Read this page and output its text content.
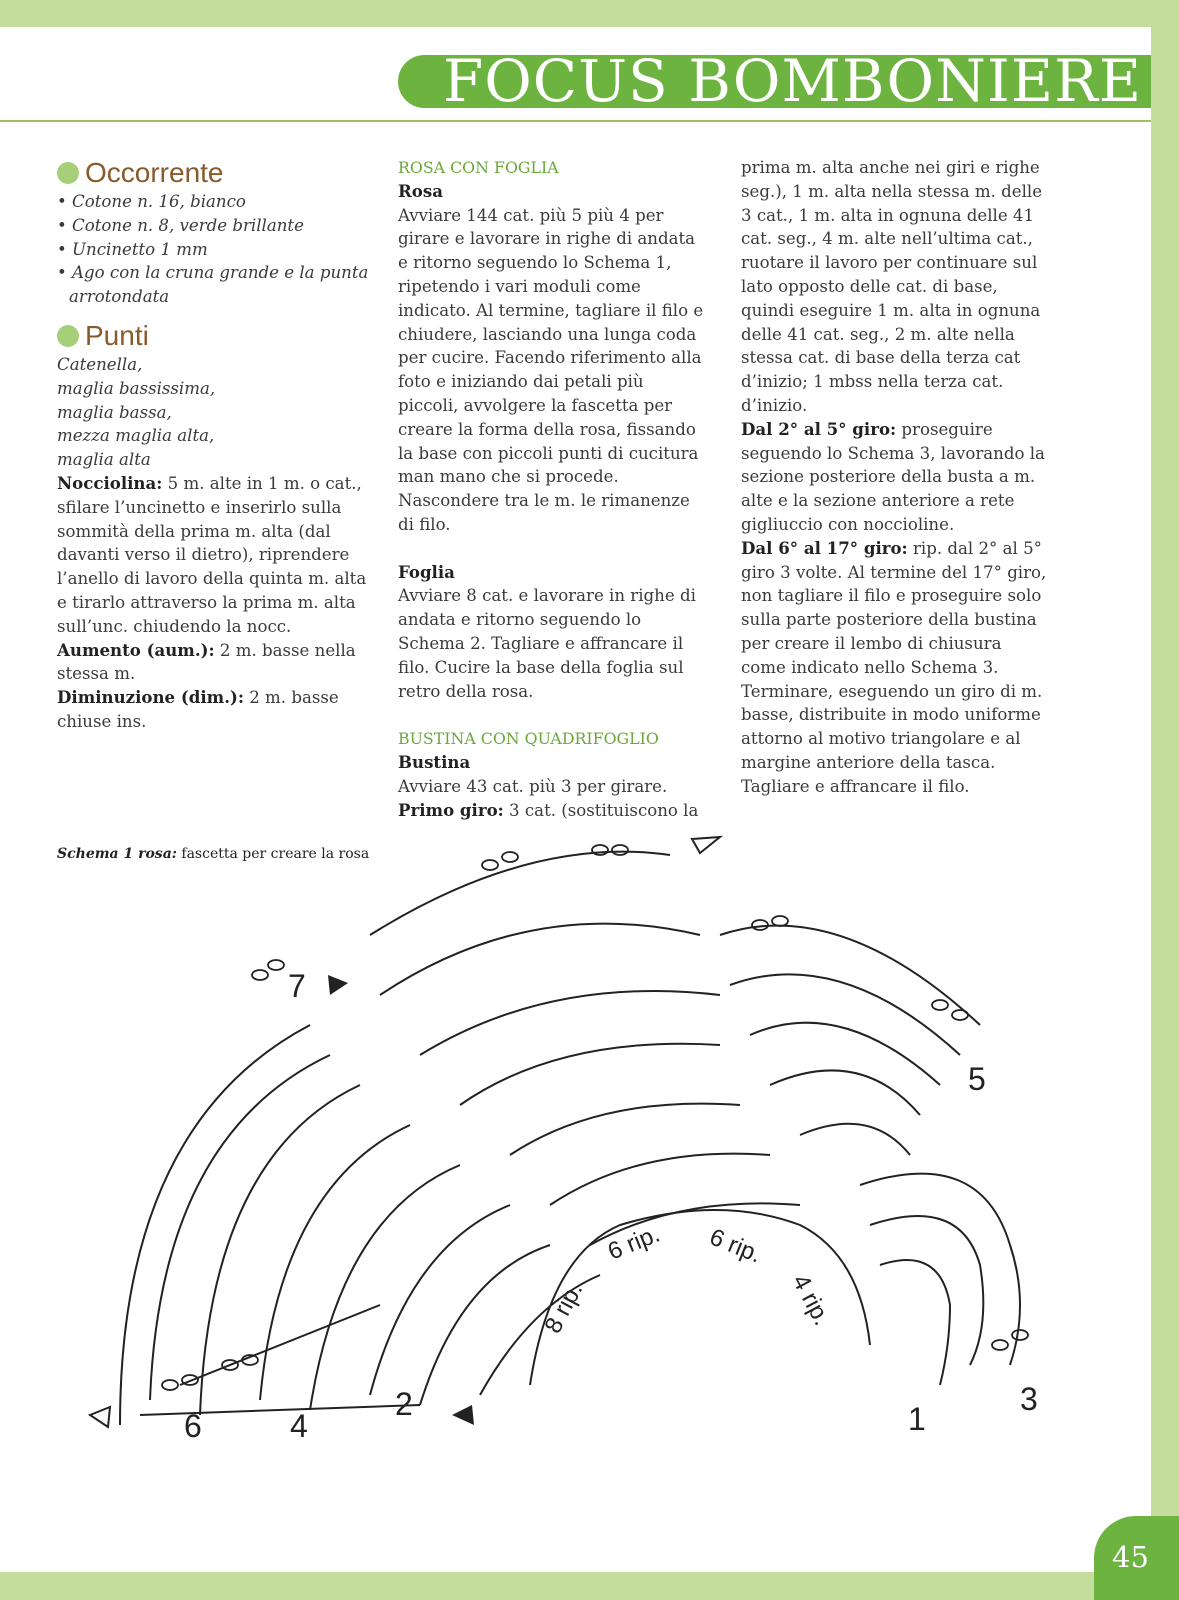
FOCUS BOMBONIERE
Occorrente
• Cotone n. 16, bianco
• Cotone n. 8, verde brillante
• Uncinetto 1 mm
• Ago con la cruna grande e la punta arrotondata
Punti
Catenella,
maglia bassissima,
maglia bassa,
mezza maglia alta,
maglia alta

Nocciolina: 5 m. alte in 1 m. o cat., sfilare l’uncinetto e inserirlo sulla sommità della prima m. alta (dal davanti verso il dietro), riprendere l’anello di lavoro della quinta m. alta e tirarlo attraverso la prima m. alta sull’unc. chiudendo la nocc.

Aumento (aum.): 2 m. basse nella stessa m.

Diminuzione (dim.): 2 m. basse chiuse ins.

ROSA CON FOGLIA
Rosa

Avviare 144 cat. più 5 più 4 per girare e lavorare in righe di andata e ritorno seguendo lo Schema 1, ripetendo i vari moduli come indicato. Al termine, tagliare il filo e chiudere, lasciando una lunga coda per cucire. Facendo riferimento alla foto e iniziando dai petali più piccoli, avvolgere la fascetta per creare la forma della rosa, fissando la base con piccoli punti di cucitura man mano che si procede. Nascondere tra le m. le rimanenze di filo.

Foglia

Avviare 8 cat. e lavorare in righe di andata e ritorno seguendo lo Schema 2. Tagliare e affrancare il filo. Cucire la base della foglia sul retro della rosa.

BUSTINA CON QUADRIFOGLIO
Bustina

Avviare 43 cat. più 3 per girare.

Primo giro: 3 cat. (sostituiscono la

prima m. alta anche nei giri e righe seg.), 1 m. alta nella stessa m. delle 3 cat., 1 m. alta in ognuna delle 41 cat. seg., 4 m. alte nell’ultima cat., ruotare il lavoro per continuare sul lato opposto delle cat. di base, quindi eseguire 1 m. alta in ognuna delle 41 cat. seg., 2 m. alte nella stessa cat. di base della terza cat d’inizio; 1 mbss nella terza cat. d’inizio.

Dal 2° al 5° giro: proseguire seguendo lo Schema 3, lavorando la sezione posteriore della busta a m. alte e la sezione anteriore a rete gigliuccio con noccioline.

Dal 6° al 17° giro: rip. dal 2° al 5° giro 3 volte. Al termine del 17° giro, non tagliare il filo e proseguire solo sulla parte posteriore della bustina per creare il lembo di chiusura come indicato nello Schema 3. Terminare, eseguendo un giro di m. basse, distribuite in modo uniforme attorno al motivo triangolare e al margine anteriore della tasca. Tagliare e affrancare il filo.

Schema 1 rosa: fascetta per creare la rosa
1
2	3
4
5
6
7
8 rip.
6 rip. 6 rip.
4 rip.
45
